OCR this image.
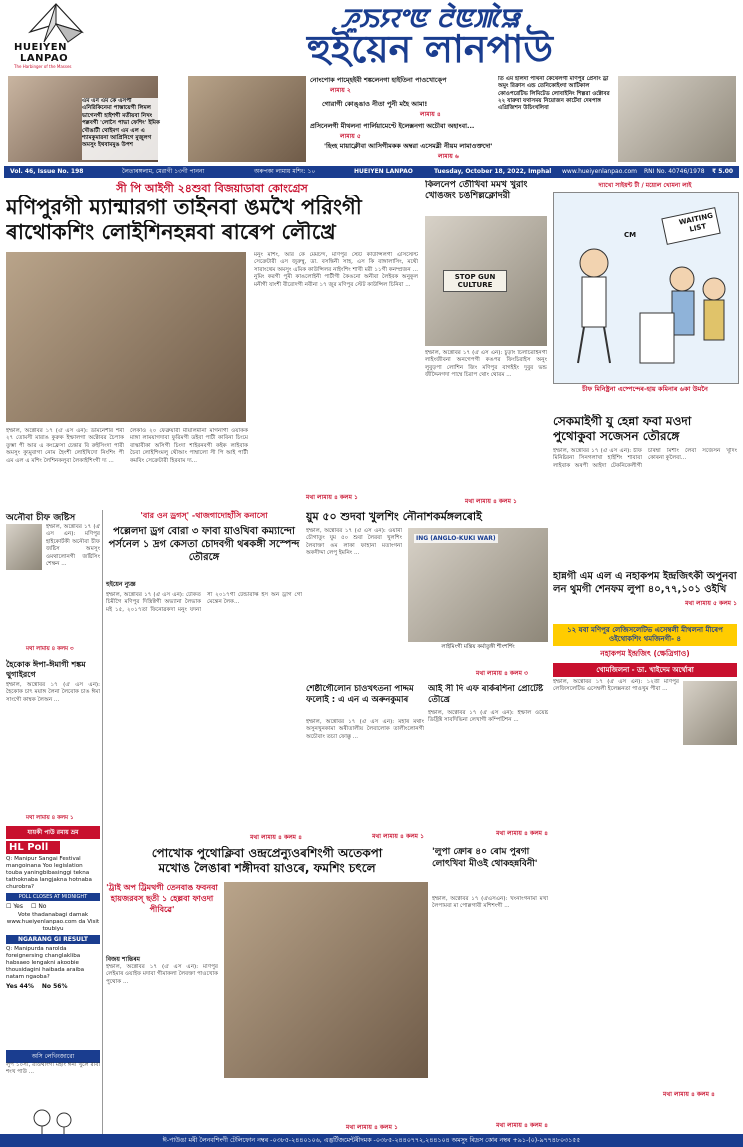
HUEIYEN
LANPAO
The Harbinger of the Masses
ꯍꯨꯏꯌꯦꯟ ꯂꯥꯟꯄꯥꯎ
হুইয়েন লানপাউ
এম এন এম কে এসপী এনিরিকিনেমা পাম্ভায়েগী লিমল ভাগেনগী হাইশগী মতীয়বা নিখং পল্লবগী 'লোসৈ পাভা ফেশিং' ইমিক খৌঙাটী থোইমগ এম এল এ শ্যামকুমারনা আপ্রিনিগে মুজুলগ অমসুং ইথবামমুঙ উপশ
নোংপোক পাম্হেইবী শঙ্কলেনগা হাইতিনা পাওখোক্পে
লামায় ২
গোরাগী কোঙ্ঙাও নীতা পুনী মহৈ আমা!
লামায় ৪
প্রসিনেলগী মীথলনা পার্লিয়ামেণ্টে ইলেক্সনগা অচৌবা অহাংবা...
লামায় ৫
'হিংহ মায়াক্লৌবা আসিগীমকক অম্বরা এসেমব্লী নীয়ম লামাওক্তদো'
লামায় ৬
তি এম হালদা পাথনা কৈথেলগী মণিপুর প্রেসাং ড্রা অমুং রিক্রাস এন্ড তেনিকোইংদা আটিকাল কোওপরেটিভ লিমিটেড লোবাইনিং শিল্পরা ওক্টোবর ২২ যারুবা যথাসময় নিয়োজন কাৰ্টেবা দেৰপাঙ্গ এগ্রিজিশন উচিংখলিবা
Vol. 46, Issue No. 198	লৈতাৰঙ্গলাম, মেরাগী ১৩গী পাননা	অৰুপকা লামায় মশিং: ১০	HUEIYEN LANPAO	Tuesday, October 18, 2022, Imphal www.hueiyenlanpao.com RNI No. 40746/1978 ₹ 5.00
সী পি আইগী ২৪শুবা বিজয়াডাবা কোংগ্রেস
মণিপুরগী ম্যান্মারগা তাইনবা ঙমখৈ পরিংগী
ৰাথোকশিং লোইশিনহন্নবা ৰাৰেপ লৌখ্রে
মনুং মশিং, আর কে মেমচন্দ, মণিপুর স্টেট কাউন্সিলগী এসিস্টেন্ট সেক্রেটারী এস জুরুম্বু, ডা. বসন্তিনী সাহ, এস কি বাঙ্গালাসিং, মথৌ সারাংথেম অমসুং এমিক কাউন্সিলর নাইংশিং শাখী মরী ১১গী কনম্প্রজন ... নুমিং করগী পুমী কাঙলোইনী পার্টীগী কৈঙনো অনীবা লৈইবক অনুকুল মনীগী যাংশী বীরোদগী নবীনা ১৭ জুর মণিপুর স্টেট কাউন্সিল চিনিবা ...
ইম্ফাল, অক্টোবর ১৭ (ঐ এস এন): ডমিনেশীর শমী ২৭ তোমসী মারাঙ কুরুক ইম্ফালগা অক্টোবর চৈপাক তুম্ভা পী আর এ কংফ্রেসা চেন্তার বি রুইসিংদা পারী অমসুং ক্যুমুবাগা নোম হৈংশী লোইখিদো নিংশিং পী এম এল এ মশিং লৈশিনকলুবা লৈকাইশিংগী দ্য ...
লৈকাও ২০ ফেব্রুয়ারী মীয়ালমীনা মাগনাগী ওয়াকক মাঙ্গা লাময়াগদাবা ফুরিমগী ডইবা পাটী কাবিনা চিংমে বাস্কাবীকা অসিগী চিংদা শাইরনবগী কইক লাইবাক চৈবা লোইশিংমলু থৌআং পাম্বালো সী পি আই পার্টী কমবিং সেক্রেটারী হিরবাম দ্য...
মথা লামায় ৪ কলম ১
কিলনেপ তৌখিবা মমখ খুরাং খোঙজং চঙশিল্লক্লোদরী
STOP GUN CULTURE
ইম্ফাল, অক্টোবর ১৭ (ঐ এস এন): চুড়াং চিলচিরাইনগী লাইংজীবনা অনগেপগী কঙপর ফিংচিরাইস অনুং লুবুড়পা লোশিন জিং মণিপুর বাগইইং দুবুর ভন্ড জীদ্দৈনগদা পাম্বে চিরাপ থোং থোরম ...
মথা লামায় ৪ কলম ১
দ্যাখো সাইয়ন্ট টী / ময়োল খোমনা লাই
CM
WAITING LIST
চীফ মিনিষ্ট্ৰনা এষ্পেন্দেৰ-হায় কমিনাৰ ৬কা উমনৈ
সেকমাইগী যু হেন্না ফবা মওদা পুথোকুবা সজেসন তৌরঙ্গে
ইম্ফাল, অক্টোবর ১৭ (ঐ এস এন): চীফ মিনিষ্টরনা সিনগলাখা হাইশিং শাবাবা লাইবাক অৰপী আইদা টেকনিকেলীগী চাৰম্বা মিশীং লৈবা সজেসন খূদিং কোৰনা কুলৈবা...
মথা লামায় ৫ কলম ১
অনৌবা চীফ জষ্টিস
ইম্ফাল, অক্টোবর ১৭ (ঐ এস এন): মণিপুর হাইকোর্টকী অনৌবা চীফ জষ্টিস অমসুং ওমথালোনগী জষ্টিসিং শেক্ষন ...
মথা লামায় ৪ কলম ৩
হৈকোক ঈপা-ঈমাগী শঙ্কম থুগাইরগে
ইম্ফাল, অক্টোবর ১৭ (ঐ এস এন): হৈকোক চাৎ ময়াঙ্গ লৈনা লৈবোক চাঙ ঈমা সাংগৌ কাম্বক লৈঅন ...
মথা লামায় ৪ কলম ১
যায়কী পাউ রমায় ভ্রম
HL Poll
Q: Manipur Sangai Festival mangoinana Yoo legislation touba yaningbibasinggi tekna tathoknaba langjakna hotnaba churobra?
POLL CLOSES AT MIDNIGHT
☐ Yes ☐ No
Vote thadanabagi damak www.hueiyenlanpao.com da Visit toubiyu
NGARANG GI RESULT
Q: Manipurda narolda foreignersing changlakliba habsaeo lengakni akoobie thousidagini haibada araiba natam ngaoba?
Yes 44% No 56%
অসি লেখিংজারো
লুপ ১০সী, রাওথাংগা মহাং ঈনা খুলৈ রীবা শংখ পাউ ...
'বার ওন ড্রগস্' -থাজগাদোহাঁসি কনাসো
পল্লেলদা ড্রগ বোরা ৩ ফাবা য়াওখিবা কম্যান্দো পর্সনেল ১ দ্রগ কেসতা চোদবগী থৰকঙ্গী সস্পেন্দ তৌরঙ্গে
হুইয়েন ন্যুজ্ঞ
ইম্ফাল, অক্টোবর ১৭ (ঐ এস এন): টেকিত চিমীগৈ মণিপুর দিস্ত্রিক্টগী অভ্যানা লৈভাক মই ১৫, ২০১৭তা ফিনোৱকদা মনুং যদনা সী ২০১৭গী টেন্ডারাফ্ট ইস অন ড্রাগ গো মেন্তেন লৈক...
মথা লামায় ৪ কলম ৪
য়ুম ৫০ শুদবা খুলশিং নৌনাশকৰ্মঙ্গলৰোই
ইম্ফাল, অক্টোবর ১৭ (ঐ এস এন): ওয়ামী চৌগাতুং যুম ৫০ শুবা লৈরবা খুলশিং লৈবাক্তা ঙম লাকা ফাহানা মতাংগনা অকদীদ্দা লেপু ইমনিং ...
ING (ANGLO-KUKI WAR)
লাইমিংগী মন্ত্ৰিয় কৰ্মাতুঙ্গী শীংশৰ্শিং
মথা লামায় ৪ কলম ৩
শেষ্ঠীগৌলোন চাওখৎতনা পাদ্দম ফলোই : এ এন এ অৰুনকুমাৰ
ইম্ফাল, অক্টোবর ১৭ (ঐ এস এন): মহাৰ মথাং অসুনখুনকামা অৰীতালীয় লৈবালোক তালীংলোনগী অচৌবাং তচ্যা ফোক্কু ...
মথা লামায় ৪ কলম ১
আই সী দি এফ ৰাৰ্কৰশিনা প্ৰোটেষ্ট তৌখ্ৰে
ইম্ফাল, অক্টোবর ১৭ (ঐ এস এন): ইম্ফাল ওয়েষ্ট ডিষ্ট্ৰিক্ট সাবদিভিনা লেখাগী কম্পিটিশন ...
মথা লামায় ৪ কলম ৪
হান্নগী এম এল এ নহাকপম ইন্দ্ৰজিৎকী অপুনবা লন থুমগী শেনফম লুপা ৪০,৭৭,১০১ ওইখি
১২ যবা মণিপুর লেজিসলেটিভ এসেম্বলী মীথলনা মীৰেপ ওইথোকশিং থমজিনগী- ৪
নহাকপম ইন্দ্ৰজিৎ (ক্ষেত্ৰিগাও)
খোমজিলনা - ডা. খাইদেম অৰ্থোৰা
ইম্ফাল, অক্টোবর ১৭ (ঐ এস এন): ১২তী মণিপুর লেজিসলেটিভ এসেম্বলী ইলেক্সনতা পাওখুম পীবা ...
মথা লামায় ৪ কলম ৪
পোখোক পুথোক্লিবা ওন্দ্ৰপ্ৰেন্যুওৰশিংগী অতেকপা
মখোঙ লৈঙাৰা শঙ্গীদবা য়াওৰে, ফমশিং চৎলে
'ট্ৰাই অপ ট্ৰিমথগী তেনবাঙ ফবনবা হায়জরবস্ ছতী ১ হেল্লবা ফাওদা পীবিৱে'
বিজয় শান্তিৰম
ইম্ফাল, অক্টোবর ১৭ (ঐ এস এন): মণিপুর লেইমাৰ ওয়াইফ মদাবা গীমাকলা লৈবক্তা পাওখোক পুথোক ...
মথা লামায় ৪ কলম ১
'লুপা ক্ৰোৰ ৪০ ৰোম পুৰগা লোৎখিবা মীওই থোকহন্নবিনী'
ইম্ফাল, অক্টোবর ১৭ (ঐএসএন): খংনাংগনামা মখা লৈপামবা মা পোল্লগাবী মশিশংগী ...
মথা লামায় ৪ কলম ৪
ঈ-পাউঙা মৰী লৈনবশিংগী টেলিফোন নম্বৰ -০৩৮৫-২৪৪০১০৬, এদ্ভৰ্টিজমেন্টৰীদমক -০৩৮৫-২৪৪০৭৭২,২৪৪১০৪ অমসুং ৰিদ্ৰস কোৰ নম্বৰ +৯১-(০)-৯৭৭৪৮০৩১৫৫
